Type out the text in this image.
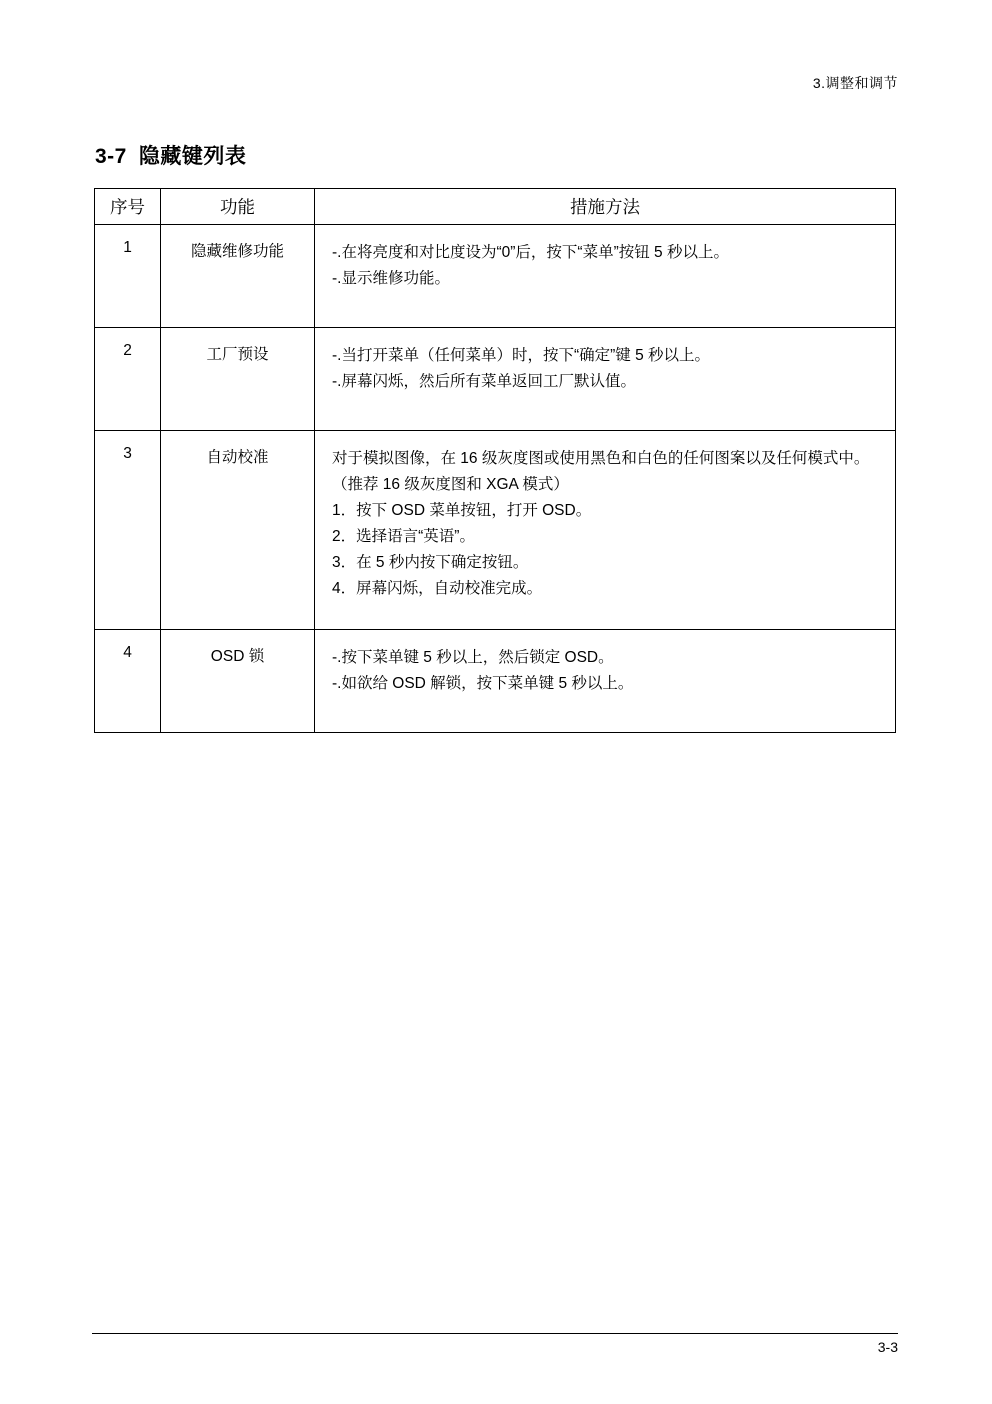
3.调整和调节
3-7 隐藏键列表
序号	功能	措施方法
1	隐藏维修功能	-.在将亮度和对比度设为“0”后，按下“菜单”按钮 5 秒以上。
-.显示维修功能。

2	工厂预设	-.当打开菜单（任何菜单）时，按下“确定”键 5 秒以上。
-.屏幕闪烁，然后所有菜单返回工厂默认值。

3	自动校准	对于模拟图像，在 16 级灰度图或使用黑色和白色的任何图案以及任何模式中。（推荐 16 级灰度图和 XGA 模式）
1．按下 OSD 菜单按钮，打开 OSD。
2．选择语言“英语”。
3．在 5 秒内按下确定按钮。
4．屏幕闪烁，自动校准完成。

4	OSD 锁	-.按下菜单键 5 秒以上，然后锁定 OSD。
-.如欲给 OSD 解锁，按下菜单键 5 秒以上。
3-3
